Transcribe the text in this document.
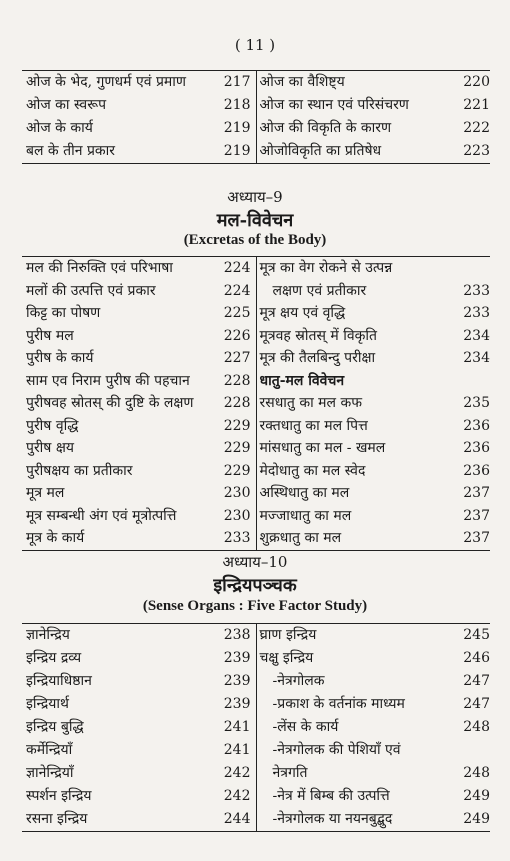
( 11 )
ओज के भेद, गुणधर्म एवं प्रमाण	217
ओज का स्वरूप	218
ओज के कार्य	219
बल के तीन प्रकार	219
ओज का वैशिष्ट्य	220
ओज का स्थान एवं परिसंचरण	221
ओज की विकृति के कारण	222
ओजोविकृति का प्रतिषेध	223
अध्याय–9
मल-विवेचन
(Excretas of the Body)
मल की निरुक्ति एवं परिभाषा	224
मलों की उत्पत्ति एवं प्रकार	224
किट्ट का पोषण	225
पुरीष मल	226
पुरीष के कार्य	227
साम एव निराम पुरीष की पहचान 228
पुरीषवह स्रोतस् की दुष्टि के लक्षण 228
पुरीष वृद्धि	229
पुरीष क्षय	229
पुरीषक्षय का प्रतीकार	229
मूत्र मल	230
मूत्र सम्बन्धी अंग एवं मूत्रोत्पत्ति	230
मूत्र के कार्य	233
मूत्र का वेग रोकने से उत्पन्न
लक्षण एवं प्रतीकार	233
मूत्र क्षय एवं वृद्धि	233
मूत्रवह स्रोतस् में विकृति	234
मूत्र की तैलबिन्दु परीक्षा	234
धातु-मल विवेचन
रसधातु का मल कफ	235
रक्तधातु का मल पित्त	236
मांसधातु का मल - खमल	236
मेदोधातु का मल स्वेद	236
अस्थिधातु का मल	237
मज्जाधातु का मल	237
शुक्रधातु का मल	237
अध्याय–10
इन्द्रियपञ्चक
(Sense Organs : Five Factor Study)
ज्ञानेन्द्रिय	238
इन्द्रिय द्रव्य	239
इन्द्रियाधिष्ठान	239
इन्द्रियार्थ	239
इन्द्रिय बुद्धि	241
कर्मेन्द्रियाँ	241
ज्ञानेन्द्रियाँ	242
स्पर्शन इन्द्रिय	242
रसना इन्द्रिय	244
घ्राण इन्द्रिय	245
चक्षु इन्द्रिय	246
-नेत्रगोलक	247
-प्रकाश के वर्तनांक माध्यम	247
-लेंस के कार्य	248
-नेत्रगोलक की पेशियाँ एवं
नेत्रगति	248
-नेत्र में बिम्ब की उत्पत्ति	249
-नेत्रगोलक या नयनबुद्बुद	249
